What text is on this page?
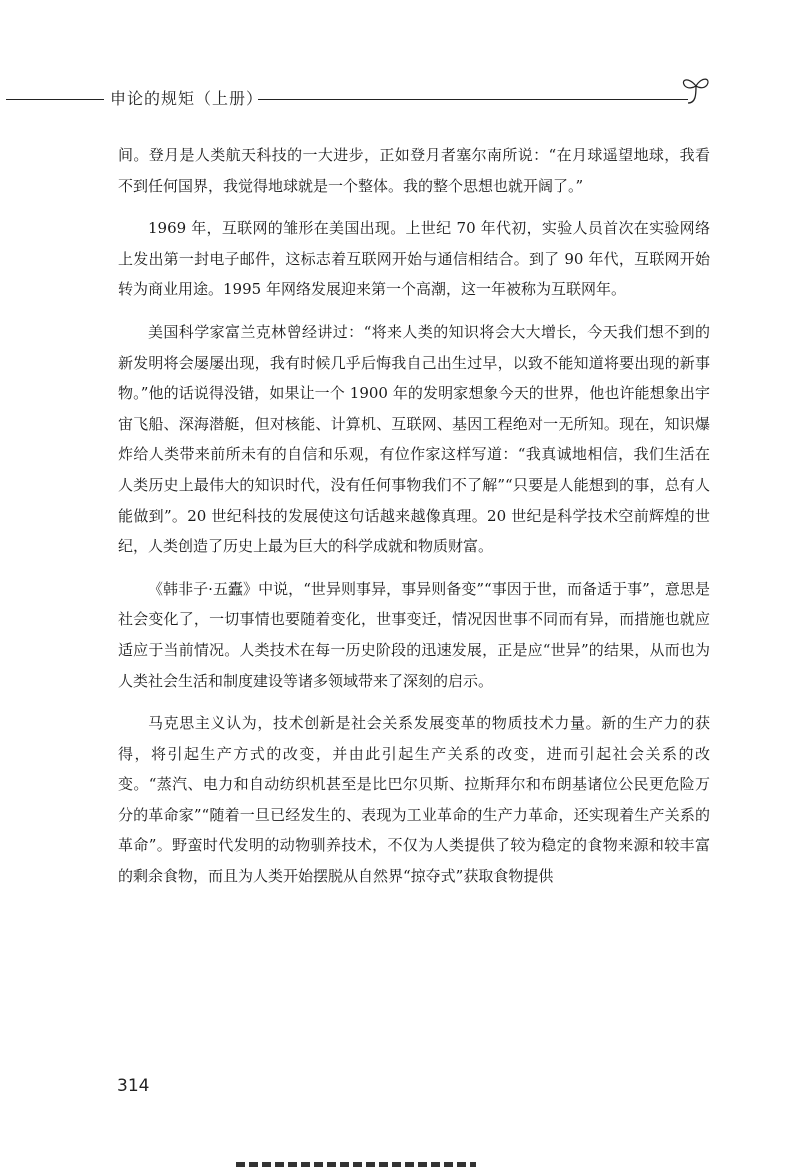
申论的规矩（上册）

间。登月是人类航天科技的一大进步，正如登月者塞尔南所说：“在月球遥望地球，我看不到任何国界，我觉得地球就是一个整体。我的整个思想也就开阔了。”

1969 年，互联网的雏形在美国出现。上世纪 70 年代初，实验人员首次在实验网络上发出第一封电子邮件，这标志着互联网开始与通信相结合。到了 90 年代，互联网开始转为商业用途。1995 年网络发展迎来第一个高潮，这一年被称为互联网年。

美国科学家富兰克林曾经讲过：“将来人类的知识将会大大增长，今天我们想不到的新发明将会屡屡出现，我有时候几乎后悔我自己出生过早，以致不能知道将要出现的新事物。”他的话说得没错，如果让一个 1900 年的发明家想象今天的世界，他也许能想象出宇宙飞船、深海潜艇，但对核能、计算机、互联网、基因工程绝对一无所知。现在，知识爆炸给人类带来前所未有的自信和乐观，有位作家这样写道：“我真诚地相信，我们生活在人类历史上最伟大的知识时代，没有任何事物我们不了解”“只要是人能想到的事，总有人能做到”。20 世纪科技的发展使这句话越来越像真理。20 世纪是科学技术空前辉煌的世纪，人类创造了历史上最为巨大的科学成就和物质财富。

《韩非子·五蠹》中说，“世异则事异，事异则备变”“事因于世，而备适于事”，意思是社会变化了，一切事情也要随着变化，世事变迁，情况因世事不同而有异，而措施也就应适应于当前情况。人类技术在每一历史阶段的迅速发展，正是应“世异”的结果，从而也为人类社会生活和制度建设等诸多领域带来了深刻的启示。

马克思主义认为，技术创新是社会关系发展变革的物质技术力量。新的生产力的获得，将引起生产方式的改变，并由此引起生产关系的改变，进而引起社会关系的改变。“蒸汽、电力和自动纺织机甚至是比巴尔贝斯、拉斯拜尔和布朗基诸位公民更危险万分的革命家”“随着一旦已经发生的、表现为工业革命的生产力革命，还实现着生产关系的革命”。野蛮时代发明的动物驯养技术，不仅为人类提供了较为稳定的食物来源和较丰富的剩余食物，而且为人类开始摆脱从自然界“掠夺式”获取食物提供

314
